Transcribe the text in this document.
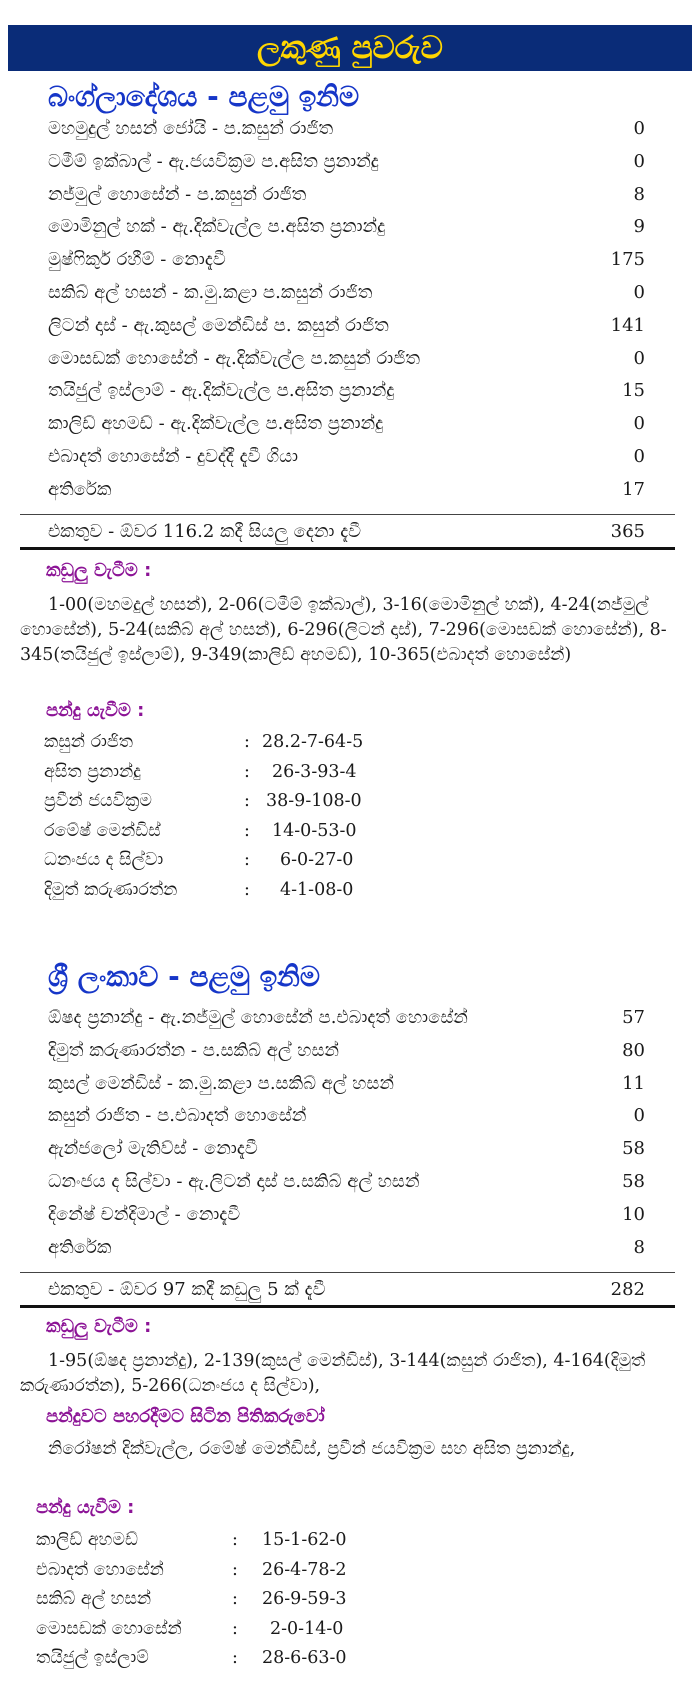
ලකුණු පුවරුව
බංග්ලාදේශය - පළමු ඉනිම
මහමුදුල් හසන් ජෝයි - ප.කසුන් රාජිත	0
ටමීම් ඉක්බාල් - ඇ.ජයවික්‍රම ප.අසිත ප්‍රනාන්දු	0
නජ්මුල් හොසේන් - ප.කසුන් රාජිත	8
මොමිනුල් හක් - ඇ.දික්වැල්ල ප.අසිත ප්‍රනාන්දු	9
මුෂ්ෆිකුර් රහීම් - නොදැවී	175
සකිබ් අල් හසන් - ක.මු.කළා ප.කසුන් රාජිත	0
ලිටන් දාස් - ඇ.කුසල් මෙන්ඩිස් ප. කසුන් රාජිත	141
මොසඩක් හොසේන් - ඇ.දික්වැල්ල ප.කසුන් රාජිත	0
තයිජුල් ඉස්ලාම් - ඇ.දික්වැල්ල ප.අසිත ප්‍රනාන්දු	15
කාලිඩ් අහමඩ් - ඇ.දික්වැල්ල ප.අසිත ප්‍රනාන්දු	0
එබාදත් හොසේන් - දුවද්දී දැවී ගියා	0
අතිරේක	17
එකතුව - ඕවර 116.2 කදී සියලු දෙනා දැවී	365
කඩුලු වැටීම :
1-00(මහමදුල් හසන්), 2-06(ටමීම් ඉක්බාල්), 3-16(මොමිනුල් හක්), 4-24(නජ්මුල් හොසේන්), 5-24(සකිබ් අල් හසන්), 6-296(ලිටන් දාස්), 7-296(මොසඩක් හොසේන්), 8-345(තයිජුල් ඉස්ලාම්), 9-349(කාලිඩ් අහමඩ්), 10-365(එබාදත් හොසේන්)
පන්දු යැවීම :
කසුන් රාජිත	: 28.2-7-64-5
අසිත ප්‍රනාන්දු	: 26-3-93-4
ප්‍රවීන් ජයවික්‍රම	: 38-9-108-0
රමේෂ් මෙන්ඩිස්	: 14-0-53-0
ධනංජය ද සිල්වා	: 6-0-27-0
දිමුත් කරුණාරත්න	: 4-1-08-0
ශ්‍රී ලංකාව - පළමු ඉනිම
ඕෂද ප්‍රනාන්දු - ඇ.නජ්මුල් හොසේන් ප.එබාදත් හොසේන්	57
දිමුත් කරුණාරත්න - ප.සකිබ් අල් හසන්	80
කුසල් මෙන්ඩිස් - ක.මු.කළා ප.සකිබ් අල් හසන්	11
කසුන් රාජිත - ප.එබාදත් හොසේන්	0
ඇන්ජලෝ මැතිව්ස් - නොදැවී	58
ධනංජය ද සිල්වා - ඇ.ලිටන් දාස් ප.සකිබ් අල් හසන්	58
දිනේෂ් චන්දිමාල් - නොදැවී	10
අතිරේක	8
එකතුව - ඕවර 97 කදී කඩුලු 5 ක් දැවී	282
කඩුලු වැටීම :
1-95(ඕෂද ප්‍රනාන්දු), 2-139(කුසල් මෙන්ඩිස්), 3-144(කසුන් රාජිත), 4-164(දිමුත් කරුණාරත්න), 5-266(ධනංජය ද සිල්වා),
පන්දුවට පහරදීමට සිටින පිතිකරුවෝ
නිරෝෂන් දික්වැල්ල, රමේෂ් මෙන්ඩිස්, ප්‍රවීන් ජයවික්‍රම සහ අසිත ප්‍රනාන්දු,
පන්දු යැවීම :
කාලිඩ් අහමඩ්	: 15-1-62-0
එබාදත් හොසේන්	: 26-4-78-2
සකිබ් අල් හසන්	: 26-9-59-3
මොසඩක් හොසේන්	: 2-0-14-0
තයිජුල් ඉස්ලාම්	: 28-6-63-0
